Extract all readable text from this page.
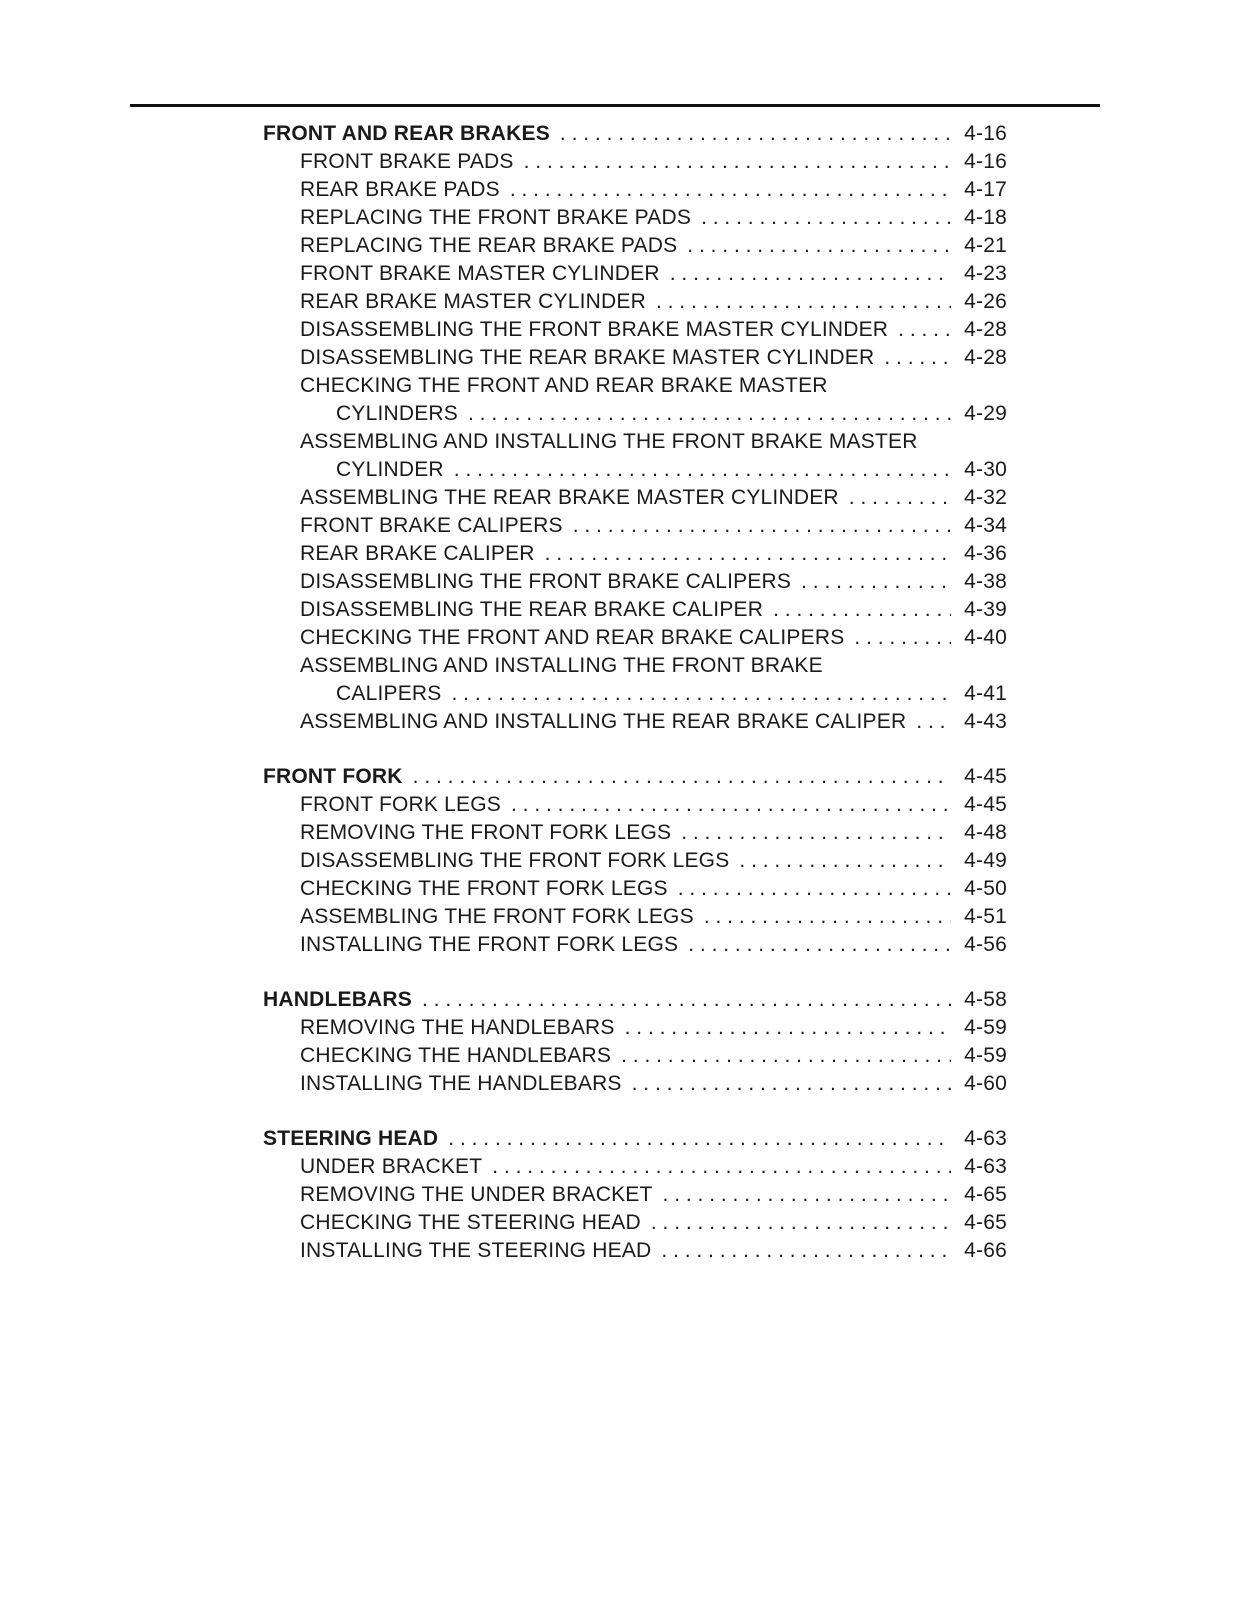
FRONT AND REAR BRAKES . . .	4-16
FRONT BRAKE PADS . . .	4-16
REAR BRAKE PADS . . .	4-17
REPLACING THE FRONT BRAKE PADS . . .	4-18
REPLACING THE REAR BRAKE PADS . . .	4-21
FRONT BRAKE MASTER CYLINDER . . .	4-23
REAR BRAKE MASTER CYLINDER . . .	4-26
DISASSEMBLING THE FRONT BRAKE MASTER CYLINDER . . .	4-28
DISASSEMBLING THE REAR BRAKE MASTER CYLINDER . . .	4-28
CHECKING THE FRONT AND REAR BRAKE MASTER
CYLINDERS . . .	4-29
ASSEMBLING AND INSTALLING THE FRONT BRAKE MASTER
CYLINDER . . .	4-30
ASSEMBLING THE REAR BRAKE MASTER CYLINDER . . .	4-32
FRONT BRAKE CALIPERS . . .	4-34
REAR BRAKE CALIPER . . .	4-36
DISASSEMBLING THE FRONT BRAKE CALIPERS . . .	4-38
DISASSEMBLING THE REAR BRAKE CALIPER . . .	4-39
CHECKING THE FRONT AND REAR BRAKE CALIPERS . . .	4-40
ASSEMBLING AND INSTALLING THE FRONT BRAKE
CALIPERS . . .	4-41
ASSEMBLING AND INSTALLING THE REAR BRAKE CALIPER . . .	4-43
FRONT FORK . . .	4-45
FRONT FORK LEGS . . .	4-45
REMOVING THE FRONT FORK LEGS . . .	4-48
DISASSEMBLING THE FRONT FORK LEGS . . .	4-49
CHECKING THE FRONT FORK LEGS . . .	4-50
ASSEMBLING THE FRONT FORK LEGS . . .	4-51
INSTALLING THE FRONT FORK LEGS . . .	4-56
HANDLEBARS . . .	4-58
REMOVING THE HANDLEBARS . . .	4-59
CHECKING THE HANDLEBARS . . .	4-59
INSTALLING THE HANDLEBARS . . .	4-60
STEERING HEAD . . .	4-63
UNDER BRACKET . . .	4-63
REMOVING THE UNDER BRACKET . . .	4-65
CHECKING THE STEERING HEAD . . .	4-65
INSTALLING THE STEERING HEAD . . .	4-66
